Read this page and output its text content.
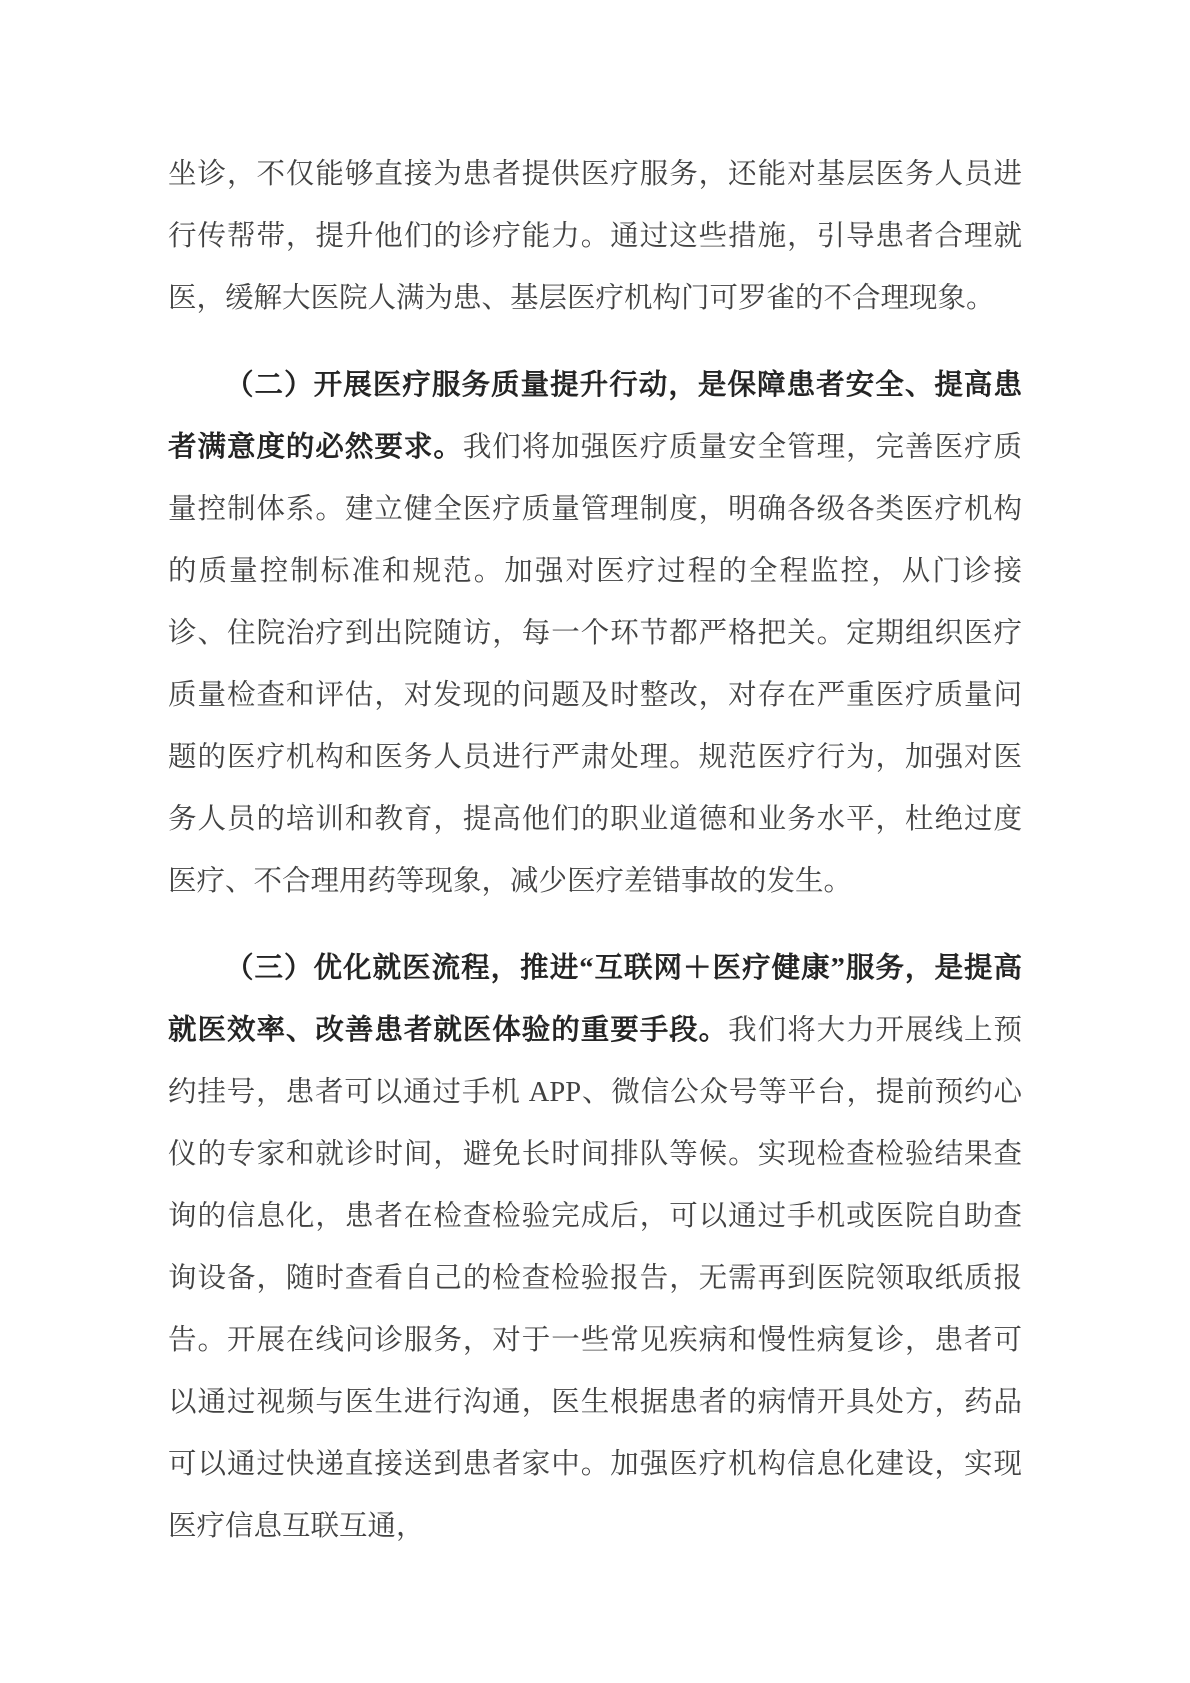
坐诊，不仅能够直接为患者提供医疗服务，还能对基层医务人员进行传帮带，提升他们的诊疗能力。通过这些措施，引导患者合理就医，缓解大医院人满为患、基层医疗机构门可罗雀的不合理现象。

（二）开展医疗服务质量提升行动，是保障患者安全、提高患者满意度的必然要求。我们将加强医疗质量安全管理，完善医疗质量控制体系。建立健全医疗质量管理制度，明确各级各类医疗机构的质量控制标准和规范。加强对医疗过程的全程监控，从门诊接诊、住院治疗到出院随访，每一个环节都严格把关。定期组织医疗质量检查和评估，对发现的问题及时整改，对存在严重医疗质量问题的医疗机构和医务人员进行严肃处理。规范医疗行为，加强对医务人员的培训和教育，提高他们的职业道德和业务水平，杜绝过度医疗、不合理用药等现象，减少医疗差错事故的发生。

（三）优化就医流程，推进“互联网＋医疗健康”服务，是提高就医效率、改善患者就医体验的重要手段。我们将大力开展线上预约挂号，患者可以通过手机 APP、微信公众号等平台，提前预约心仪的专家和就诊时间，避免长时间排队等候。实现检查检验结果查询的信息化，患者在检查检验完成后，可以通过手机或医院自助查询设备，随时查看自己的检查检验报告，无需再到医院领取纸质报告。开展在线问诊服务，对于一些常见疾病和慢性病复诊，患者可以通过视频与医生进行沟通，医生根据患者的病情开具处方，药品可以通过快递直接送到患者家中。加强医疗机构信息化建设，实现医疗信息互联互通，
